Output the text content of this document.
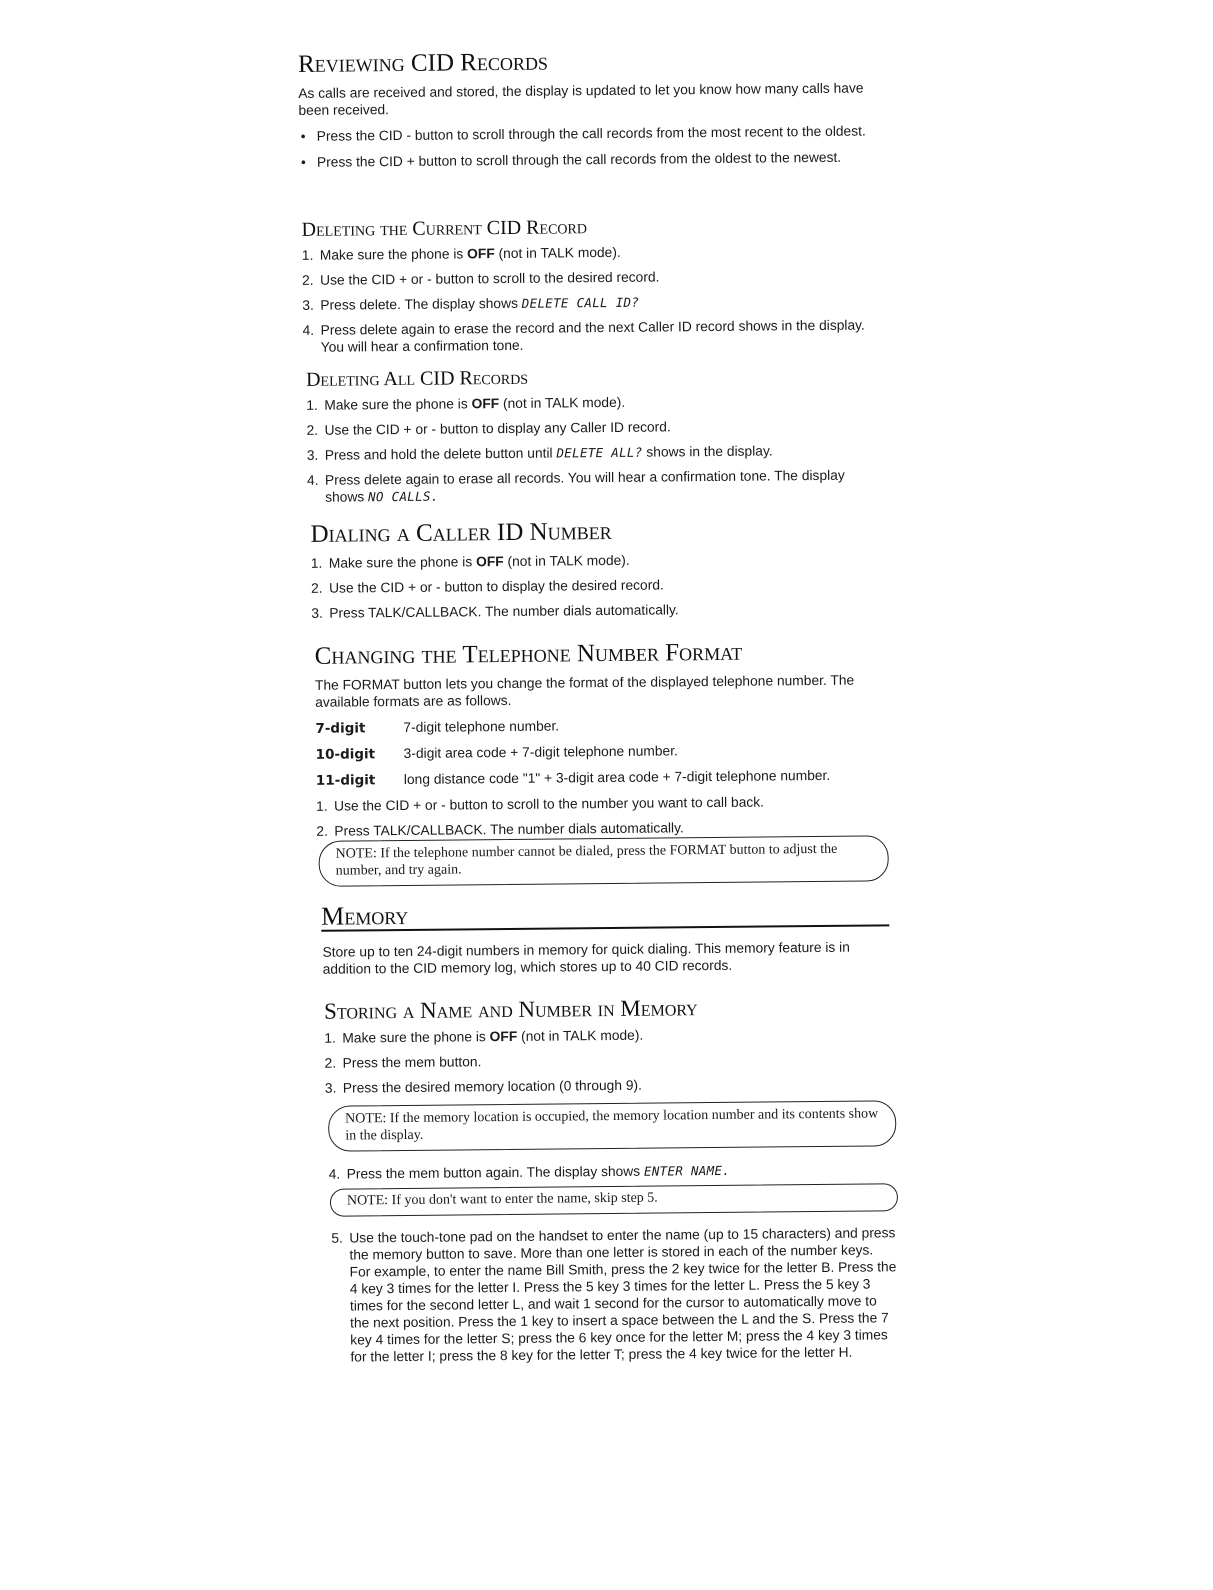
Reviewing CID Records

As calls are received and stored, the display is updated to let you know how many calls have been received.

• Press the CID - button to scroll through the call records from the most recent to the oldest.
• Press the CID + button to scroll through the call records from the oldest to the newest.
Deleting the Current CID Record
1. Make sure the phone is OFF (not in TALK mode).
2. Use the CID + or - button to scroll to the desired record.
3. Press delete. The display shows DELETE CALL ID?
4. Press delete again to erase the record and the next Caller ID record shows in the display. You will hear a confirmation tone.
Deleting All CID Records
1. Make sure the phone is OFF (not in TALK mode).
2. Use the CID + or - button to display any Caller ID record.
3. Press and hold the delete button until DELETE ALL? shows in the display.
4. Press delete again to erase all records. You will hear a confirmation tone. The display shows NO CALLS.
Dialing a Caller ID Number
1. Make sure the phone is OFF (not in TALK mode).
2. Use the CID + or - button to display the desired record.
3. Press TALK/CALLBACK. The number dials automatically.
Changing the Telephone Number Format

The FORMAT button lets you change the format of the displayed telephone number. The available formats are as follows.

7-digit	7-digit telephone number.
10-digit 3-digit area code + 7-digit telephone number.
11-digit long distance code "1" + 3-digit area code + 7-digit telephone number.
1. Use the CID + or - button to scroll to the number you want to call back.
2. Press TALK/CALLBACK. The number dials automatically.
NOTE: If the telephone number cannot be dialed, press the FORMAT button to adjust the number, and try again.
Memory

Store up to ten 24-digit numbers in memory for quick dialing. This memory feature is in addition to the CID memory log, which stores up to 40 CID records.

Storing a Name and Number in Memory
1. Make sure the phone is OFF (not in TALK mode).
2. Press the mem button.
3. Press the desired memory location (0 through 9).
NOTE: If the memory location is occupied, the memory location number and its contents show in the display.
4. Press the mem button again. The display shows ENTER NAME.
NOTE: If you don't want to enter the name, skip step 5.
5. Use the touch-tone pad on the handset to enter the name (up to 15 characters) and press the memory button to save. More than one letter is stored in each of the number keys. For example, to enter the name Bill Smith, press the 2 key twice for the letter B. Press the 4 key 3 times for the letter I. Press the 5 key 3 times for the letter L. Press the 5 key 3 times for the second letter L, and wait 1 second for the cursor to automatically move to the next position. Press the 1 key to insert a space between the L and the S. Press the 7 key 4 times for the letter S; press the 6 key once for the letter M; press the 4 key 3 times for the letter I; press the 8 key for the letter T; press the 4 key twice for the letter H.
